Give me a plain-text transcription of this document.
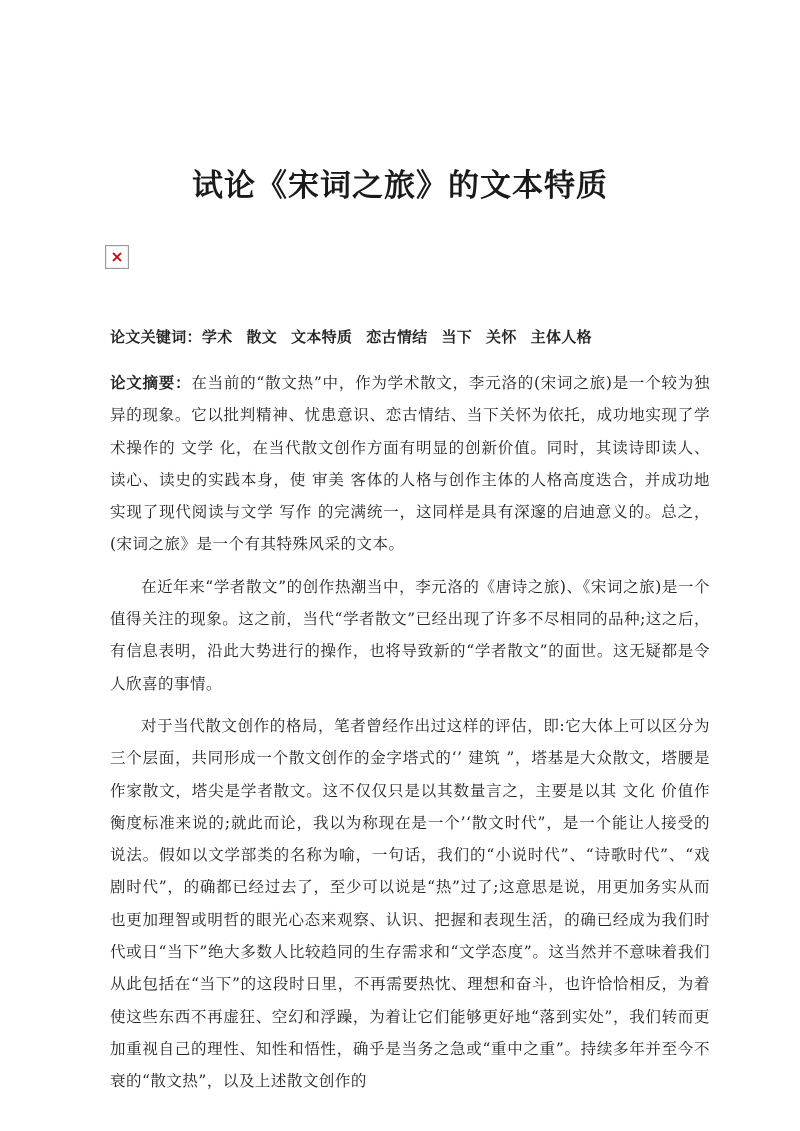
试论《宋词之旅》的文本特质

论文关键词：学术 散文 文本特质 恋古情结 当下 关怀 主体人格

论文摘要：在当前的“散文热”中，作为学术散文，李元洛的(宋词之旅)是一个较为独异的现象。它以批判精神、忧患意识、恋古情结、当下关怀为依托，成功地实现了学术操作的 文学 化，在当代散文创作方面有明显的创新价值。同时，其读诗即读人、读心、读史的实践本身，使 审美 客体的人格与创作主体的人格高度迭合，并成功地实现了现代阅读与文学 写作 的完满统一，这同样是具有深邃的启迪意义的。总之，(宋词之旅》是一个有其特殊风采的文本。

在近年来“学者散文”的创作热潮当中，李元洛的《唐诗之旅)、《宋词之旅)是一个值得关注的现象。这之前，当代“学者散文”已经出现了许多不尽相同的品种;这之后，有信息表明，沿此大势进行的操作，也将导致新的“学者散文”的面世。这无疑都是令人欣喜的事情。

对于当代散文创作的格局，笔者曾经作出过这样的评估，即:它大体上可以区分为三个层面，共同形成一个散文创作的金字塔式的‘’ 建筑 ”，塔基是大众散文，塔腰是作家散文，塔尖是学者散文。这不仅仅只是以其数量言之，主要是以其 文化 价值作衡度标准来说的;就此而论，我以为称现在是一个’‘散文时代”，是一个能让人接受的说法。假如以文学部类的名称为喻，一句话，我们的“小说时代”、“诗歌时代”、“戏剧时代”，的确都已经过去了，至少可以说是“热”过了;这意思是说，用更加务实从而也更加理智或明哲的眼光心态来观察、认识、把握和表现生活，的确已经成为我们时代或日“当下”绝大多数人比较趋同的生存需求和“文学态度”。这当然并不意味着我们从此包括在“当下”的这段时日里，不再需要热忱、理想和奋斗，也许恰恰相反，为着使这些东西不再虚狂、空幻和浮躁，为着让它们能够更好地“落到实处”，我们转而更加重视自己的理性、知性和悟性，确乎是当务之急或“重中之重”。持续多年并至今不衰的“散文热”，以及上述散文创作的
